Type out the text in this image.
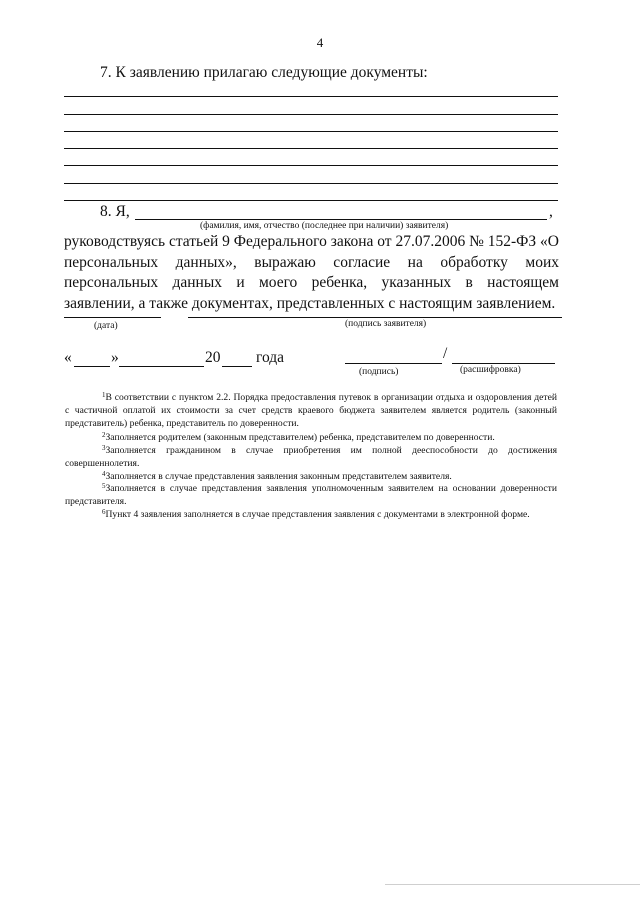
4
7. К заявлению прилагаю следующие документы:
8. Я,	,
(фамилия, имя, отчество (последнее при наличии) заявителя)
руководствуясь статьей 9 Федерального закона от 27.07.2006 № 152-ФЗ «О персональных данных», выражаю согласие на обработку моих персональных данных и моего ребенка, указанных в настоящем заявлении, а также документах, представленных с настоящим заявлением.
(дата)	(подпись заявителя)
«	»	20 года	/
(подпись)	(расшифровка)
$^1$В соответствии с пунктом 2.2. Порядка предоставления путевок в организации отдыха и оздоровления детей с частичной оплатой их стоимости за счет средств краевого бюджета заявителем является родитель (законный представитель) ребенка, представитель по доверенности.
$^2$Заполняется родителем (законным представителем) ребенка, представителем по доверенности.
$^3$Заполняется гражданином в случае приобретения им полной дееспособности до достижения совершеннолетия.
$^4$Заполняется в случае представления заявления законным представителем заявителя.
$^5$Заполняется в случае представления заявления уполномоченным заявителем на основании доверенности представителя.
$^6$Пункт 4 заявления заполняется в случае представления заявления с документами в электронной форме.
